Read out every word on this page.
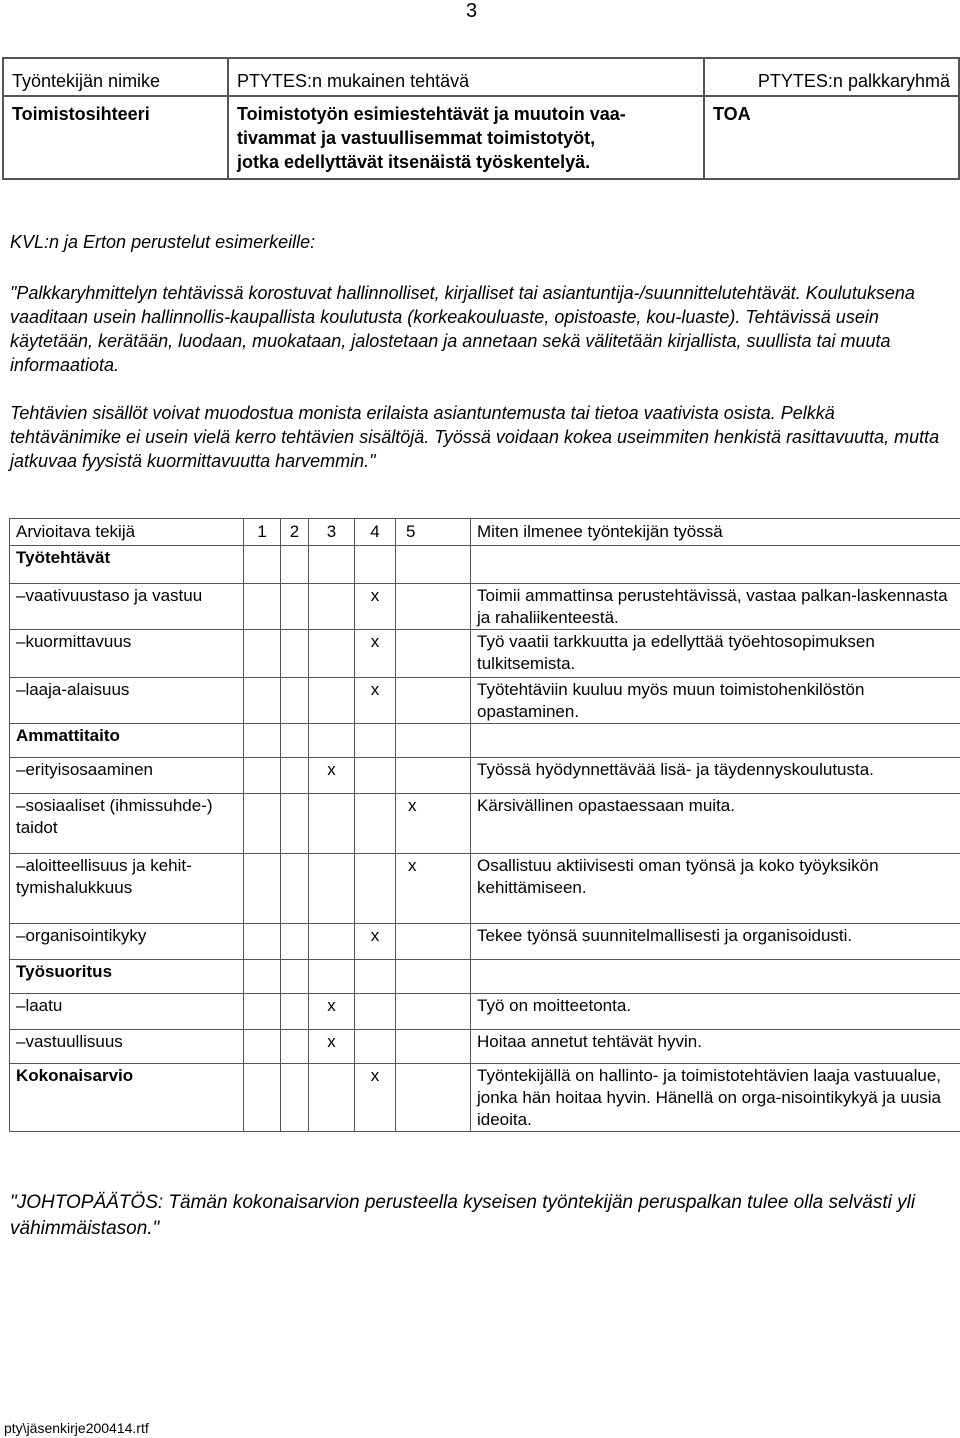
3
Työntekijän nimike	PTYTES:n mukainen tehtävä	PTYTES:n palkkaryhmä
Toimistosihteeri	Toimistotyön esimiestehtävät ja muutoin vaa-
tivammat ja vastuullisemmat toimistotyöt,
jotka edellyttävät itsenäistä työskentelyä.	TOA
KVL:n ja Erton perustelut esimerkeille:
"Palkkaryhmittelyn tehtävissä korostuvat hallinnolliset, kirjalliset tai asiantuntija-/suunnittelutehtävät. Koulutuksena vaaditaan usein hallinnollis-kaupallista koulutusta (korkeakouluaste, opistoaste, kou-luaste). Tehtävissä usein käytetään, kerätään, luodaan, muokataan, jalostetaan ja annetaan sekä välitetään kirjallista, suullista tai muuta informaatiota.
Tehtävien sisällöt voivat muodostua monista erilaista asiantuntemusta tai tietoa vaativista osista. Pelkkä tehtävänimike ei usein vielä kerro tehtävien sisältöjä. Työssä voidaan kokea useimmiten henkistä rasittavuutta, mutta jatkuvaa fyysistä kuormittavuutta harvemmin."
Arvioitava tekijä	1	2	3	4	5	Miten ilmenee työntekijän työssä
Työtehtävät						
–vaativuustaso ja vastuu				x		Toimii ammattinsa perustehtävissä, vastaa palkan-laskennasta ja rahaliikenteestä.
–kuormittavuus				x		Työ vaatii tarkkuutta ja edellyttää työehtosopimuksen tulkitsemista.
–laaja-alaisuus				x		Työtehtäviin kuuluu myös muun toimistohenkilöstön opastaminen.
Ammattitaito						
–erityisosaaminen			x			Työssä hyödynnettävää lisä- ja täydennyskoulutusta.
–sosiaaliset (ihmissuhde-) taidot					x	Kärsivällinen opastaessaan muita.
–aloitteellisuus ja kehit-tymishalukkuus					x	Osallistuu aktiivisesti oman työnsä ja koko työyksikön kehittämiseen.
–organisointikyky				x		Tekee työnsä suunnitelmallisesti ja organisoidusti.
Työsuoritus						
–laatu			x			Työ on moitteetonta.
–vastuullisuus			x			Hoitaa annetut tehtävät hyvin.
Kokonaisarvio				x		Työntekijällä on hallinto- ja toimistotehtävien laaja vastuualue, jonka hän hoitaa hyvin. Hänellä on orga-nisointikykyä ja uusia ideoita.
"JOHTOPÄÄTÖS: Tämän kokonaisarvion perusteella kyseisen työntekijän peruspalkan tulee olla selvästi yli vähimmäistason."
pty\jäsenkirje200414.rtf
